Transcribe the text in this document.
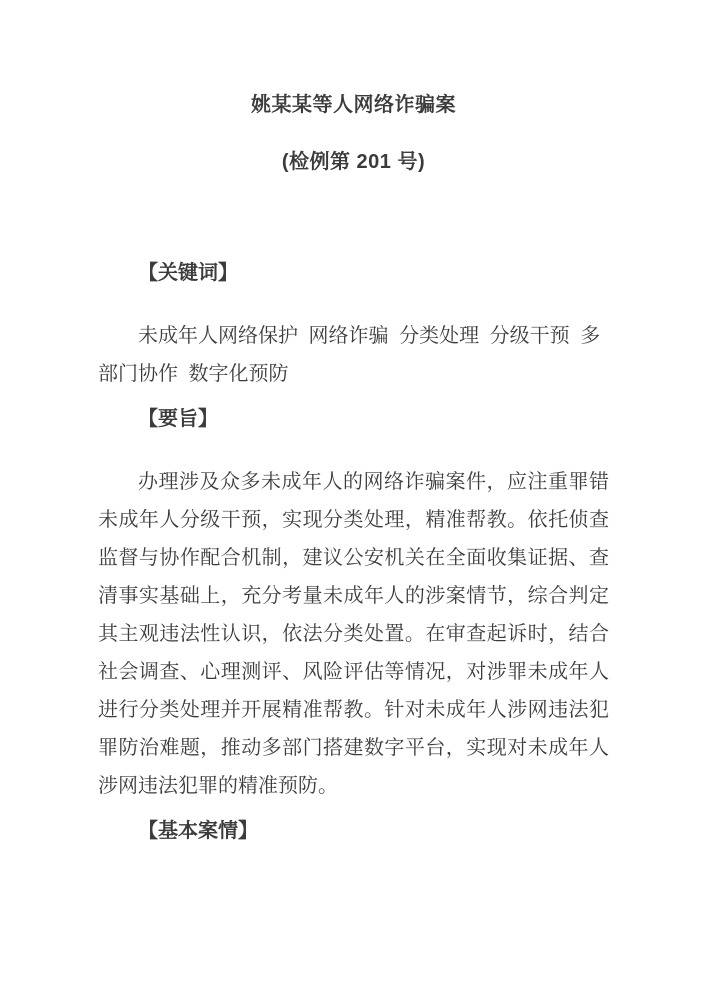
姚某某等人网络诈骗案
(检例第 201 号)
【关键词】

未成年人网络保护 网络诈骗 分类处理 分级干预 多部门协作 数字化预防

【要旨】

办理涉及众多未成年人的网络诈骗案件，应注重罪错未成年人分级干预，实现分类处理，精准帮教。依托侦查监督与协作配合机制，建议公安机关在全面收集证据、查清事实基础上，充分考量未成年人的涉案情节，综合判定其主观违法性认识，依法分类处置。在审查起诉时，结合社会调查、心理测评、风险评估等情况，对涉罪未成年人进行分类处理并开展精准帮教。针对未成年人涉网违法犯罪防治难题，推动多部门搭建数字平台，实现对未成年人涉网违法犯罪的精准预防。

【基本案情】
